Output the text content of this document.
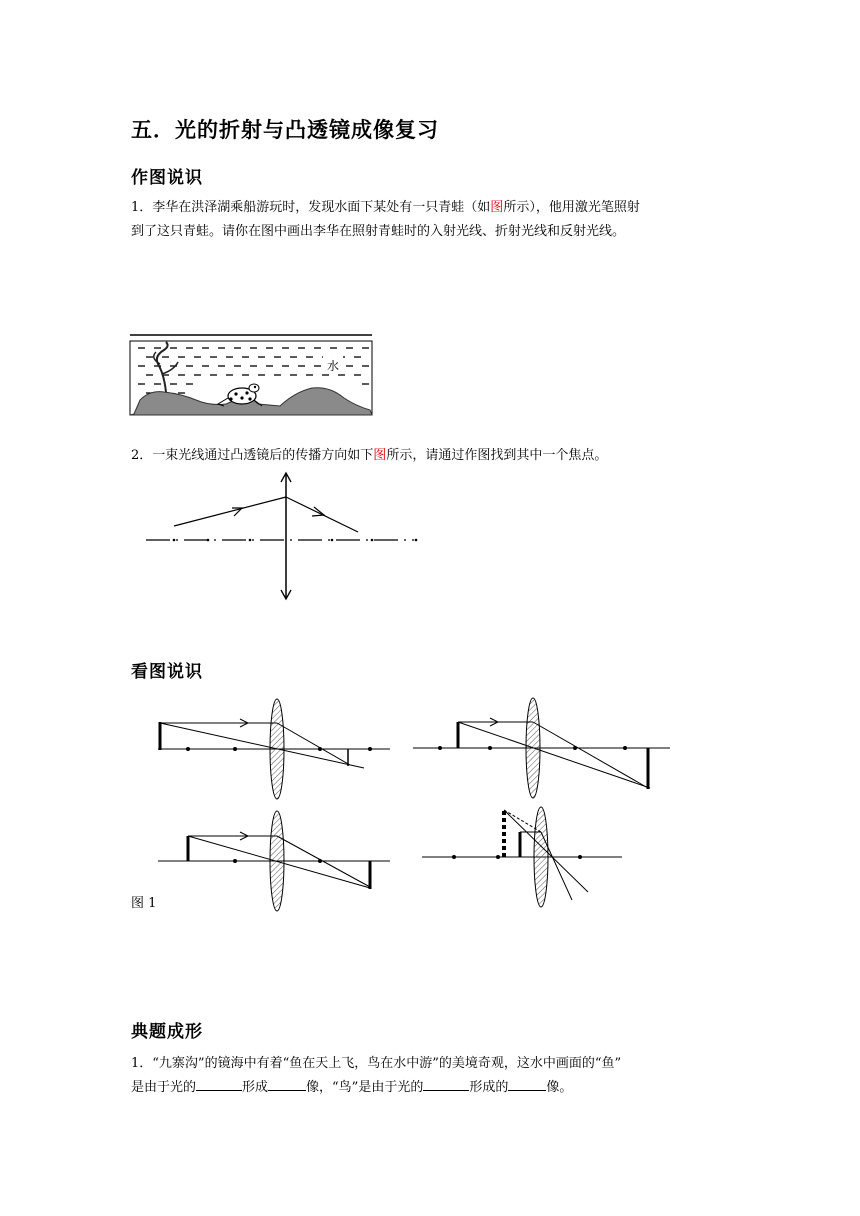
五．光的折射与凸透镜成像复习
作图说识
1．李华在洪泽湖乘船游玩时，发现水面下某处有一只青蛙（如图所示），他用激光笔照射
到了这只青蛙。请你在图中画出李华在照射青蛙时的入射光线、折射光线和反射光线。
水
2．一束光线通过凸透镜后的传播方向如下图所示，请通过作图找到其中一个焦点。
看图说识
图 1
典题成形
1．“九寨沟”的镜海中有着“鱼在天上飞，鸟在水中游”的美境奇观，这水中画面的“鱼”
是由于光的	形成	像，“鸟”是由于光的	形成的	像。
